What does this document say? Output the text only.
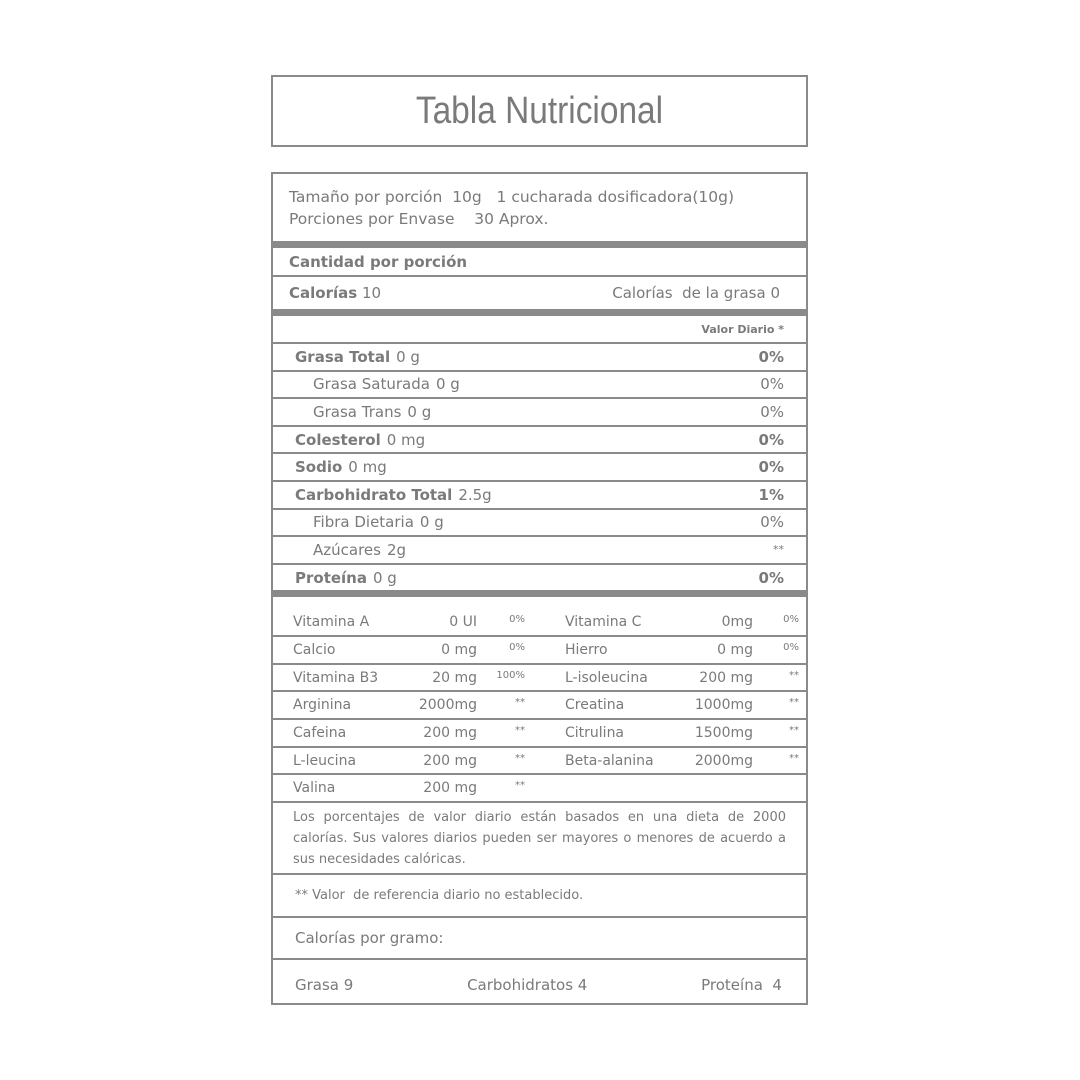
Tabla Nutricional
Tamaño por porción  10g   1 cucharada dosificadora(10g)
Porciones por Envase    30 Aprox.
Cantidad por porción
Calorías 10	Calorías  de la grasa 0
Valor Diario *
Grasa Total 0 g	0%
Grasa Saturada 0 g	0%
Grasa Trans 0 g	0%
Colesterol 0 mg	0%
Sodio 0 mg	0%
Carbohidrato Total 2.5g	1%
Fibra Dietaria 0 g	0%
Azúcares 2g	**
Proteína 0 g	0%
Vitamina A	0 UI	0%	Vitamina C	0mg	0%
Calcio	0 mg	0%	Hierro	0 mg	0%
Vitamina B3	20 mg	100%	L-isoleucina	200 mg	**
Arginina	2000mg	**	Creatina	1000mg	**
Cafeina	200 mg	**	Citrulina	1500mg	**
L-leucina	200 mg	**	Beta-alanina	2000mg	**
Valina	200 mg	**
Los porcentajes de valor diario están basados en una dieta de 2000 calorías. Sus valores diarios pueden ser mayores o menores de acuerdo a sus necesidades calóricas.
** Valor  de referencia diario no establecido.
Calorías por gramo:
Grasa 9	Carbohidratos 4	Proteína  4
